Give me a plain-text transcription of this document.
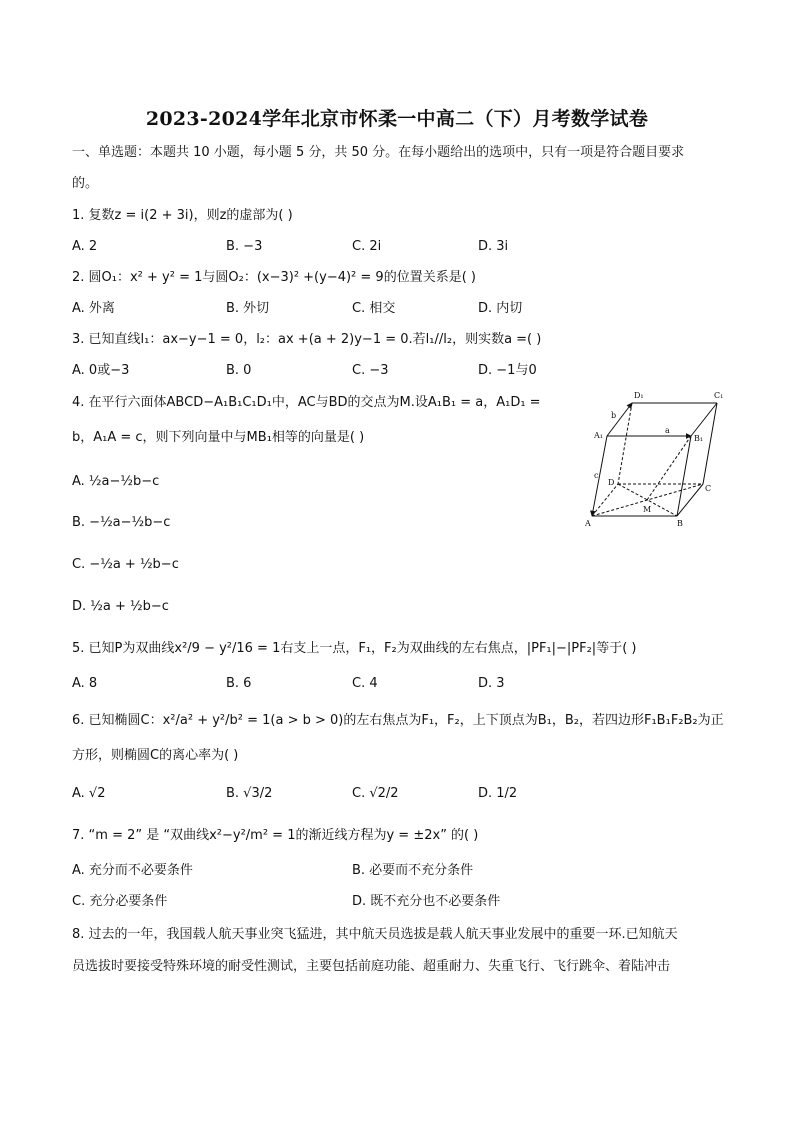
2023-2024学年北京市怀柔一中高二（下）月考数学试卷
一、单选题：本题共 10 小题，每小题 5 分，共 50 分。在每小题给出的选项中，只有一项是符合题目要求
的。
1. 复数z = i(2 + 3i)，则z的虚部为( )
A. 2	B. −3	C. 2i	D. 3i
2. 圆O₁：x² + y² = 1与圆O₂：(x−3)² +(y−4)² = 9的位置关系是( )
A. 外离	B. 外切	C. 相交	D. 内切
3. 已知直线l₁：ax−y−1 = 0，l₂：ax +(a + 2)y−1 = 0.若l₁//l₂，则实数a =( )
A. 0或−3	B. 0	C. −3	D. −1与0
4. 在平行六面体ABCD−A₁B₁C₁D₁中，AC与BD的交点为M.设A₁B₁ = a，A₁D₁ =
b，A₁A = c，则下列向量中与MB₁相等的向量是( )
A. ½a−½b−c
B. −½a−½b−c
C. −½a + ½b−c
D. ½a + ½b−c
D₁	C₁
b
A₁
a
B₁
c
D
C
M
A	B
5. 已知P为双曲线x²/9 − y²/16 = 1右支上一点，F₁，F₂为双曲线的左右焦点，|PF₁|−|PF₂|等于( )
A. 8	B. 6	C. 4	D. 3
6. 已知椭圆C：x²/a² + y²/b² = 1(a > b > 0)的左右焦点为F₁，F₂，上下顶点为B₁，B₂，若四边形F₁B₁F₂B₂为正
方形，则椭圆C的离心率为( )
A. √2	B. √3/2	C. √2/2	D. 1/2
7. “m = 2” 是 “双曲线x²−y²/m² = 1的渐近线方程为y = ±2x” 的( )
A. 充分而不必要条件	B. 必要而不充分条件
C. 充分必要条件	D. 既不充分也不必要条件
8. 过去的一年，我国载人航天事业突飞猛进，其中航天员选拔是载人航天事业发展中的重要一环.已知航天
员选拔时要接受特殊环境的耐受性测试，主要包括前庭功能、超重耐力、失重飞行、飞行跳伞、着陆冲击
